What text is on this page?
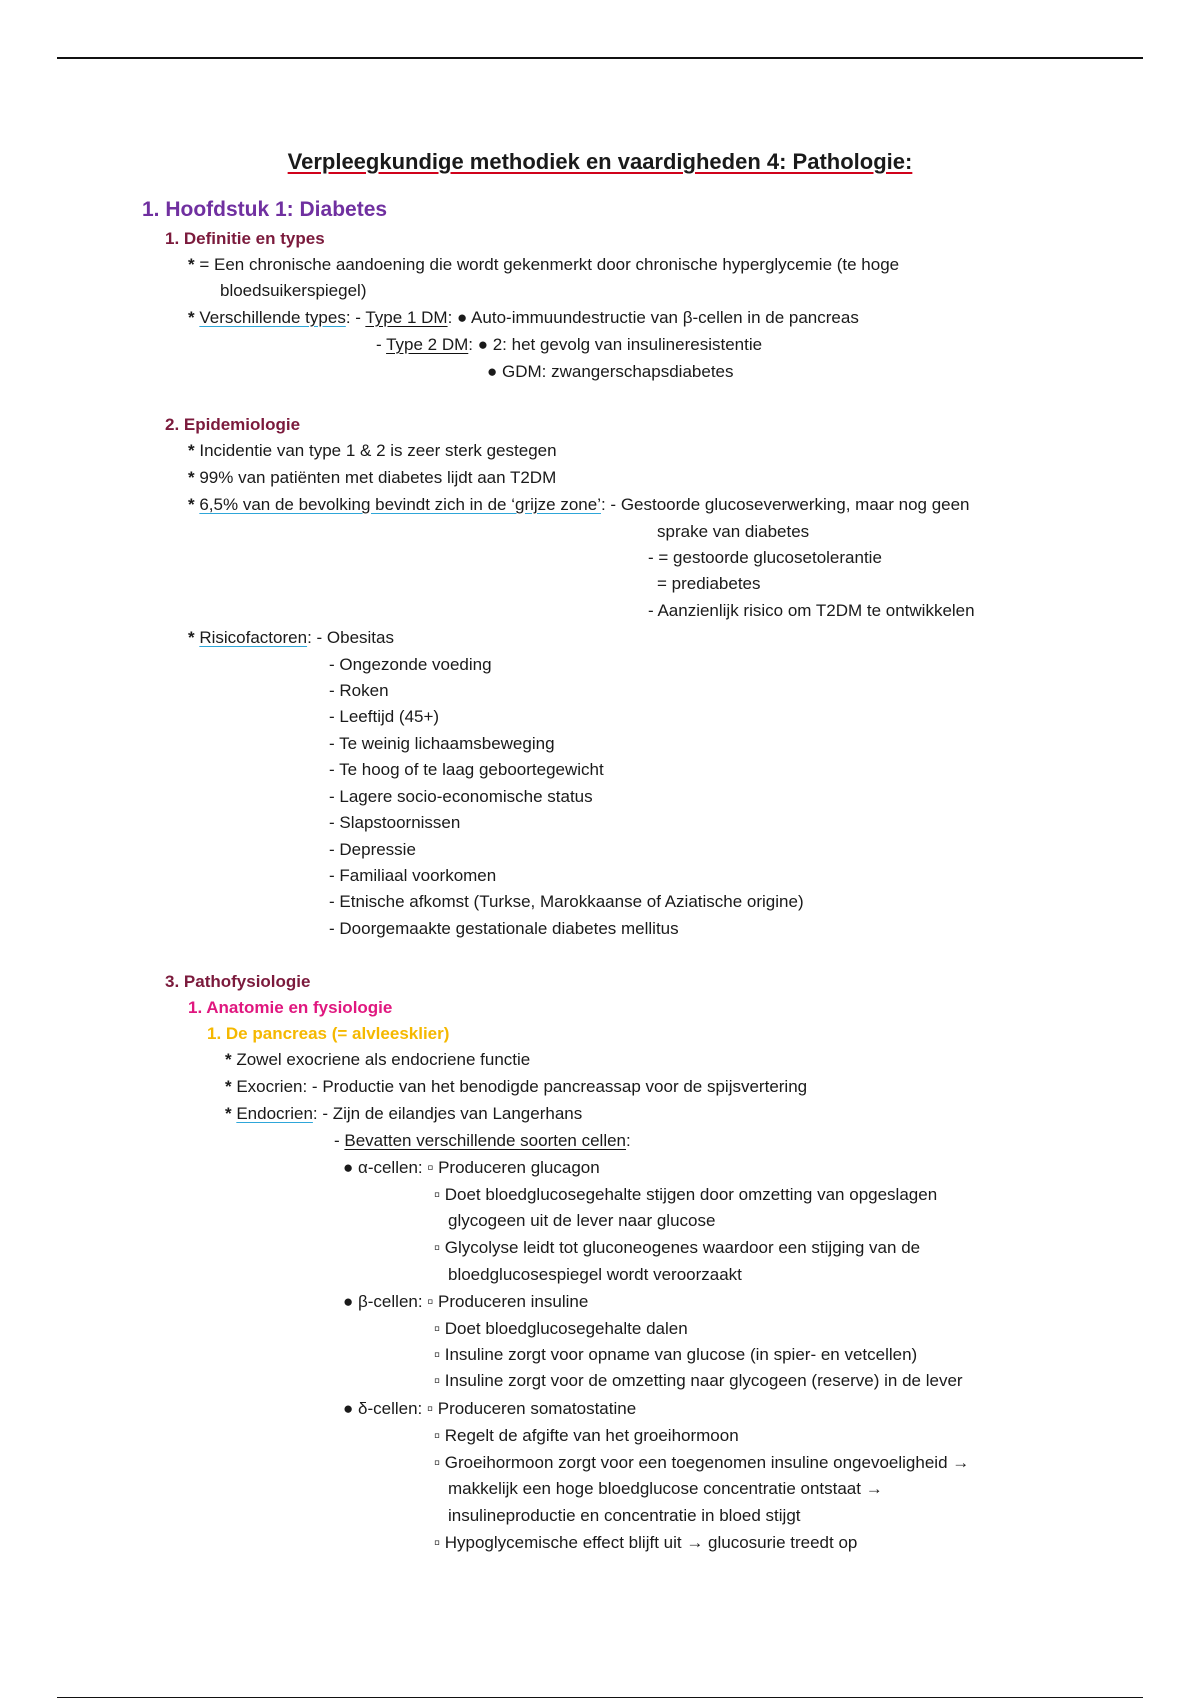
Verpleegkundige methodiek en vaardigheden 4: Pathologie:
1. Hoofdstuk 1: Diabetes
1. Definitie en types
* = Een chronische aandoening die wordt gekenmerkt door chronische hyperglycemie (te hoge
bloedsuikerspiegel)
* Verschillende types: - Type 1 DM: ● Auto-immuundestructie van β-cellen in de pancreas
- Type 2 DM: ● 2: het gevolg van insulineresistentie
● GDM: zwangerschapsdiabetes
2. Epidemiologie
* Incidentie van type 1 & 2 is zeer sterk gestegen
* 99% van patiënten met diabetes lijdt aan T2DM
* 6,5% van de bevolking bevindt zich in de ‘grijze zone’: - Gestoorde glucoseverwerking, maar nog geen
sprake van diabetes
- = gestoorde glucosetolerantie
= prediabetes
- Aanzienlijk risico om T2DM te ontwikkelen
* Risicofactoren: - Obesitas
- Ongezonde voeding
- Roken
- Leeftijd (45+)
- Te weinig lichaamsbeweging
- Te hoog of te laag geboortegewicht
- Lagere socio-economische status
- Slapstoornissen
- Depressie
- Familiaal voorkomen
- Etnische afkomst (Turkse, Marokkaanse of Aziatische origine)
- Doorgemaakte gestationale diabetes mellitus
3. Pathofysiologie
1. Anatomie en fysiologie
1. De pancreas (= alvleesklier)
* Zowel exocriene als endocriene functie
* Exocrien: - Productie van het benodigde pancreassap voor de spijsvertering
* Endocrien: - Zijn de eilandjes van Langerhans
- Bevatten verschillende soorten cellen:
● α-cellen: ▫ Produceren glucagon
▫ Doet bloedglucosegehalte stijgen door omzetting van opgeslagen
glycogeen uit de lever naar glucose
▫ Glycolyse leidt tot gluconeogenes waardoor een stijging van de
bloedglucosespiegel wordt veroorzaakt
● β-cellen: ▫ Produceren insuline
▫ Doet bloedglucosegehalte dalen
▫ Insuline zorgt voor opname van glucose (in spier- en vetcellen)
▫ Insuline zorgt voor de omzetting naar glycogeen (reserve) in de lever
● δ-cellen: ▫ Produceren somatostatine
▫ Regelt de afgifte van het groeihormoon
▫ Groeihormoon zorgt voor een toegenomen insuline ongevoeligheid →
makkelijk een hoge bloedglucose concentratie ontstaat →
insulineproductie en concentratie in bloed stijgt
▫ Hypoglycemische effect blijft uit → glucosurie treedt op
